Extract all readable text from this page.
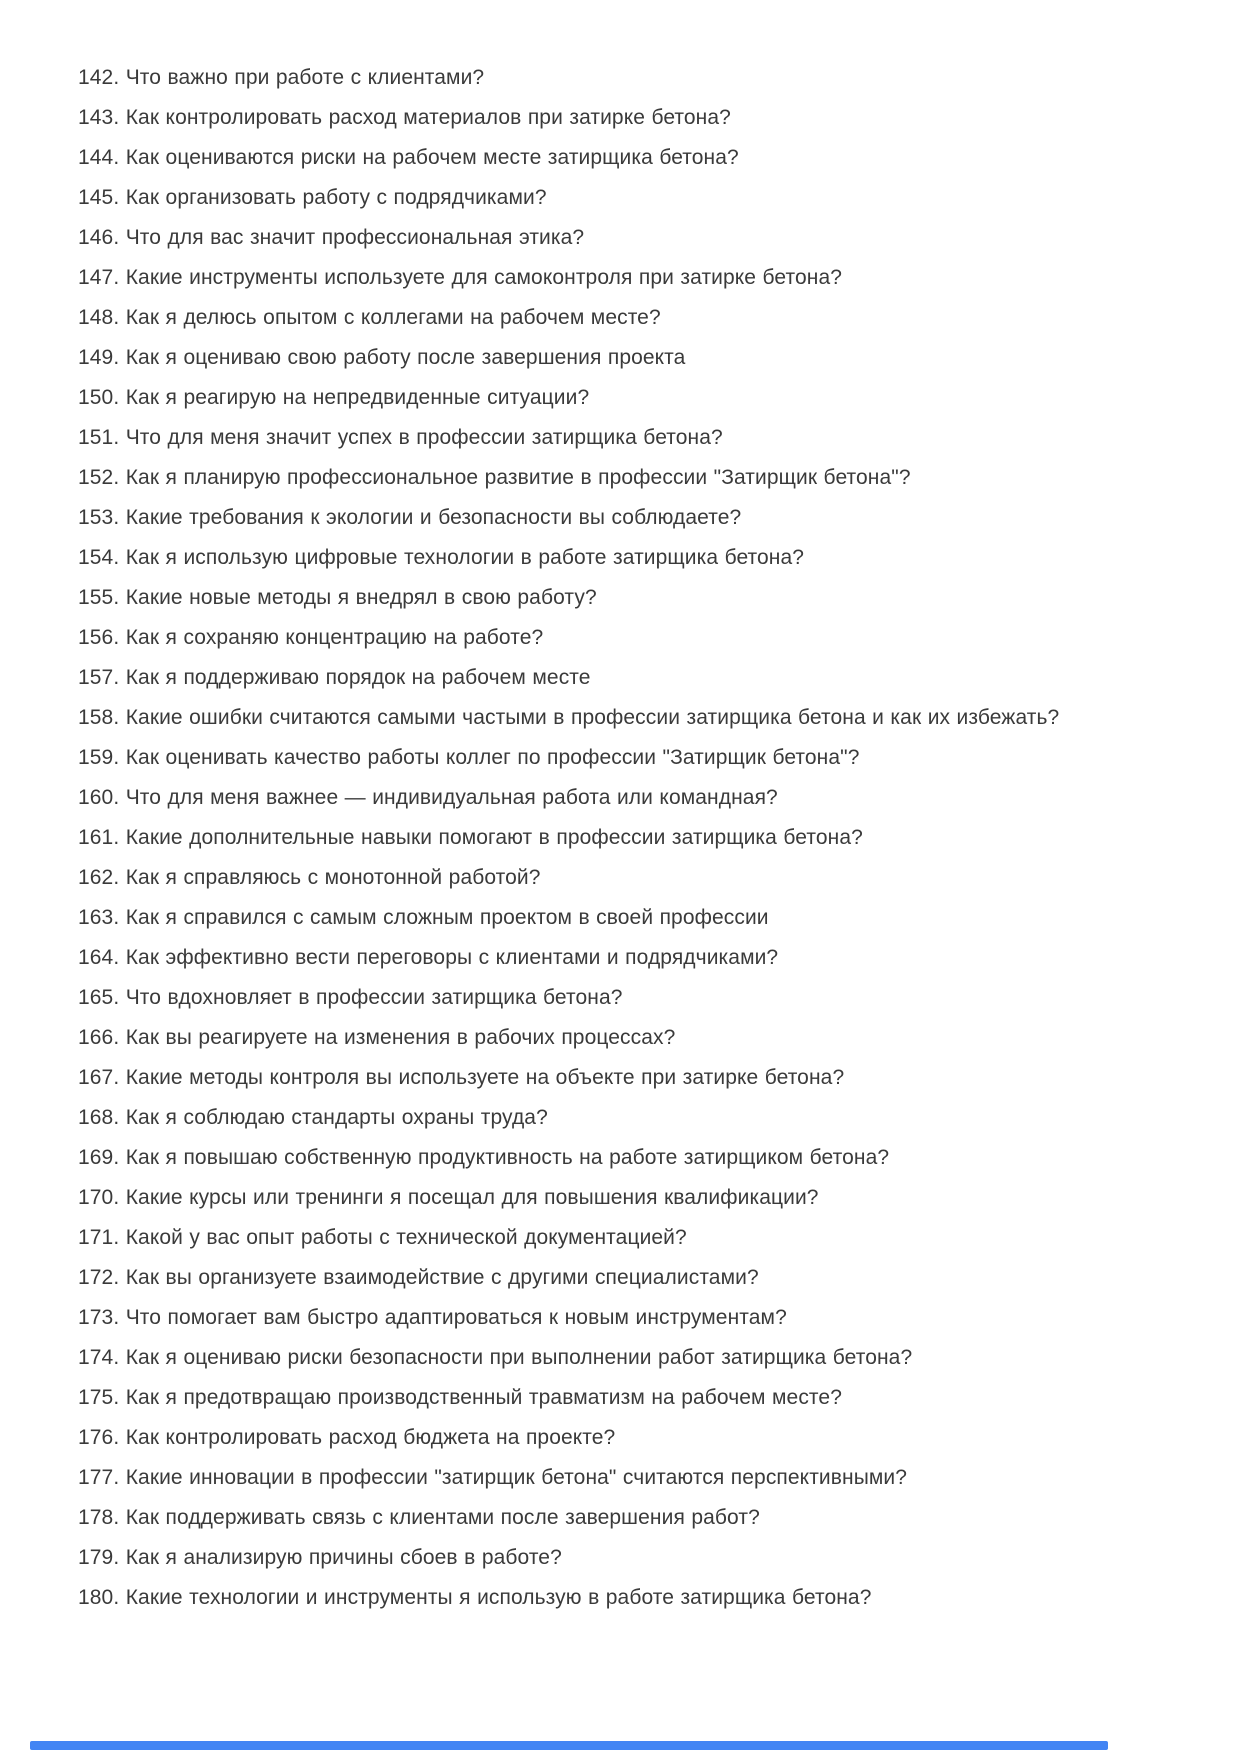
142. Что важно при работе с клиентами?
143. Как контролировать расход материалов при затирке бетона?
144. Как оцениваются риски на рабочем месте затирщика бетона?
145. Как организовать работу с подрядчиками?
146. Что для вас значит профессиональная этика?
147. Какие инструменты используете для самоконтроля при затирке бетона?
148. Как я делюсь опытом с коллегами на рабочем месте?
149. Как я оцениваю свою работу после завершения проекта
150. Как я реагирую на непредвиденные ситуации?
151. Что для меня значит успех в профессии затирщика бетона?
152. Как я планирую профессиональное развитие в профессии "Затирщик бетона"?
153. Какие требования к экологии и безопасности вы соблюдаете?
154. Как я использую цифровые технологии в работе затирщика бетона?
155. Какие новые методы я внедрял в свою работу?
156. Как я сохраняю концентрацию на работе?
157. Как я поддерживаю порядок на рабочем месте
158. Какие ошибки считаются самыми частыми в профессии затирщика бетона и как их избежать?
159. Как оценивать качество работы коллег по профессии "Затирщик бетона"?
160. Что для меня важнее — индивидуальная работа или командная?
161. Какие дополнительные навыки помогают в профессии затирщика бетона?
162. Как я справляюсь с монотонной работой?
163. Как я справился с самым сложным проектом в своей профессии
164. Как эффективно вести переговоры с клиентами и подрядчиками?
165. Что вдохновляет в профессии затирщика бетона?
166. Как вы реагируете на изменения в рабочих процессах?
167. Какие методы контроля вы используете на объекте при затирке бетона?
168. Как я соблюдаю стандарты охраны труда?
169. Как я повышаю собственную продуктивность на работе затирщиком бетона?
170. Какие курсы или тренинги я посещал для повышения квалификации?
171. Какой у вас опыт работы с технической документацией?
172. Как вы организуете взаимодействие с другими специалистами?
173. Что помогает вам быстро адаптироваться к новым инструментам?
174. Как я оцениваю риски безопасности при выполнении работ затирщика бетона?
175. Как я предотвращаю производственный травматизм на рабочем месте?
176. Как контролировать расход бюджета на проекте?
177. Какие инновации в профессии "затирщик бетона" считаются перспективными?
178. Как поддерживать связь с клиентами после завершения работ?
179. Как я анализирую причины сбоев в работе?
180. Какие технологии и инструменты я использую в работе затирщика бетона?
